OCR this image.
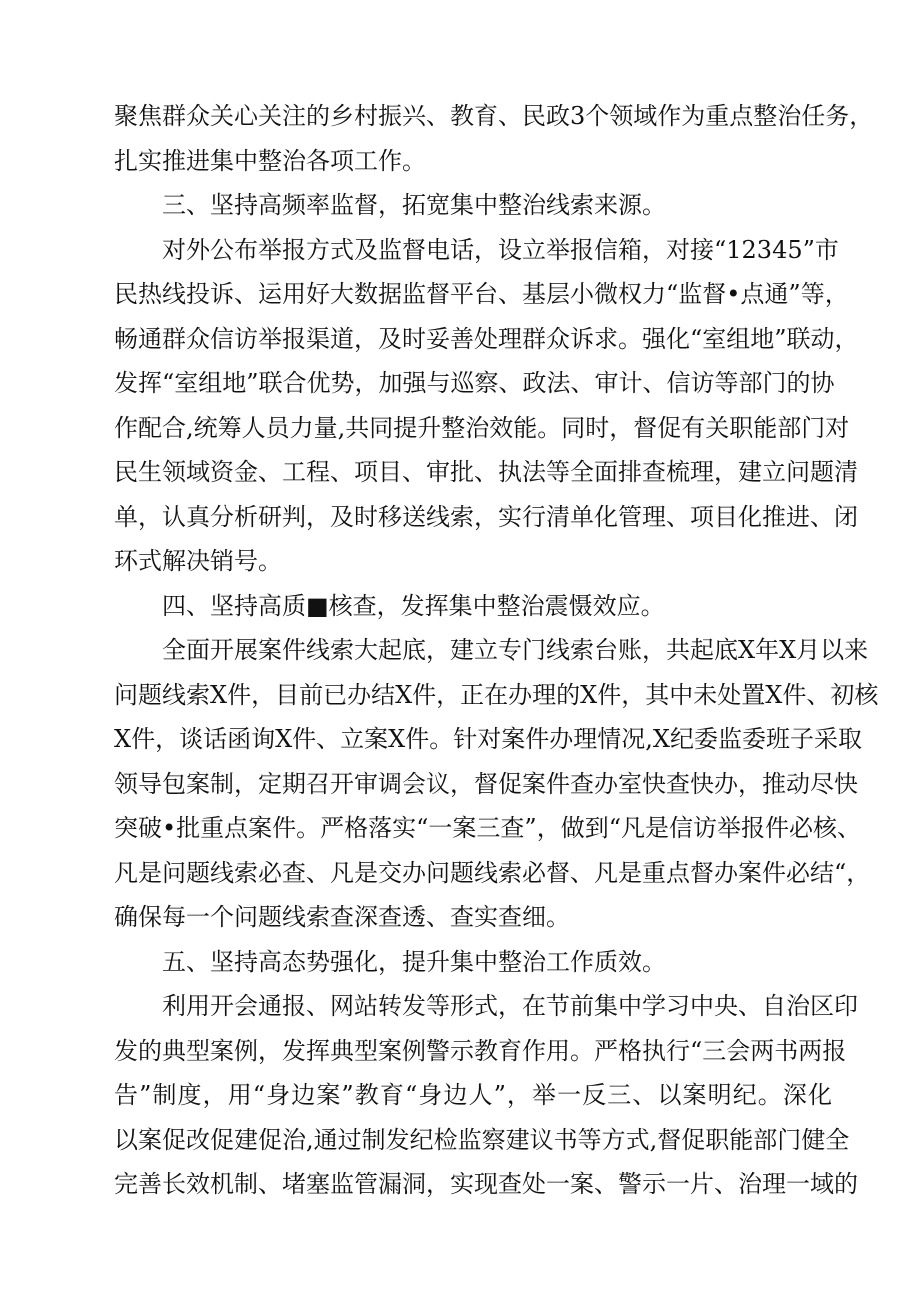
聚焦群众关心关注的乡村振兴、教育、民政3个领域作为重点整治任务，
扎实推进集中整治各项工作。
三、坚持高频率监督，拓宽集中整治线索来源。
对外公布举报方式及监督电话，设立举报信箱，对接“12345”市
民热线投诉、运用好大数据监督平台、基层小微权力“监督•点通”等，
畅通群众信访举报渠道，及时妥善处理群众诉求。强化“室组地”联动，
发挥“室组地”联合优势，加强与巡察、政法、审计、信访等部门的协
作配合,统筹人员力量,共同提升整治效能。同时，督促有关职能部门对
民生领域资金、工程、项目、审批、执法等全面排查梳理，建立问题清
单，认真分析研判，及时移送线索，实行清单化管理、项目化推进、闭
环式解决销号。
四、坚持高质■核查，发挥集中整治震慑效应。
全面开展案件线索大起底，建立专门线索台账，共起底X年X月以来
问题线索X件，目前已办结X件，正在办理的X件，其中未处置X件、初核
X件，谈话函询X件、立案X件。针对案件办理情况,X纪委监委班子采取
领导包案制，定期召开审调会议，督促案件查办室快查快办，推动尽快
突破•批重点案件。严格落实“一案三查”，做到“凡是信访举报件必核、
凡是问题线索必查、凡是交办问题线索必督、凡是重点督办案件必结“，
确保每一个问题线索查深查透、查实查细。
五、坚持高态势强化，提升集中整治工作质效。
利用开会通报、网站转发等形式，在节前集中学习中央、自治区印
发的典型案例，发挥典型案例警示教育作用。严格执行“三会两书两报
告”制度，用“身边案”教育“身边人”，举一反三、以案明纪。深化
以案促改促建促治,通过制发纪检监察建议书等方式,督促职能部门健全
完善长效机制、堵塞监管漏洞，实现查处一案、警示一片、治理一域的
